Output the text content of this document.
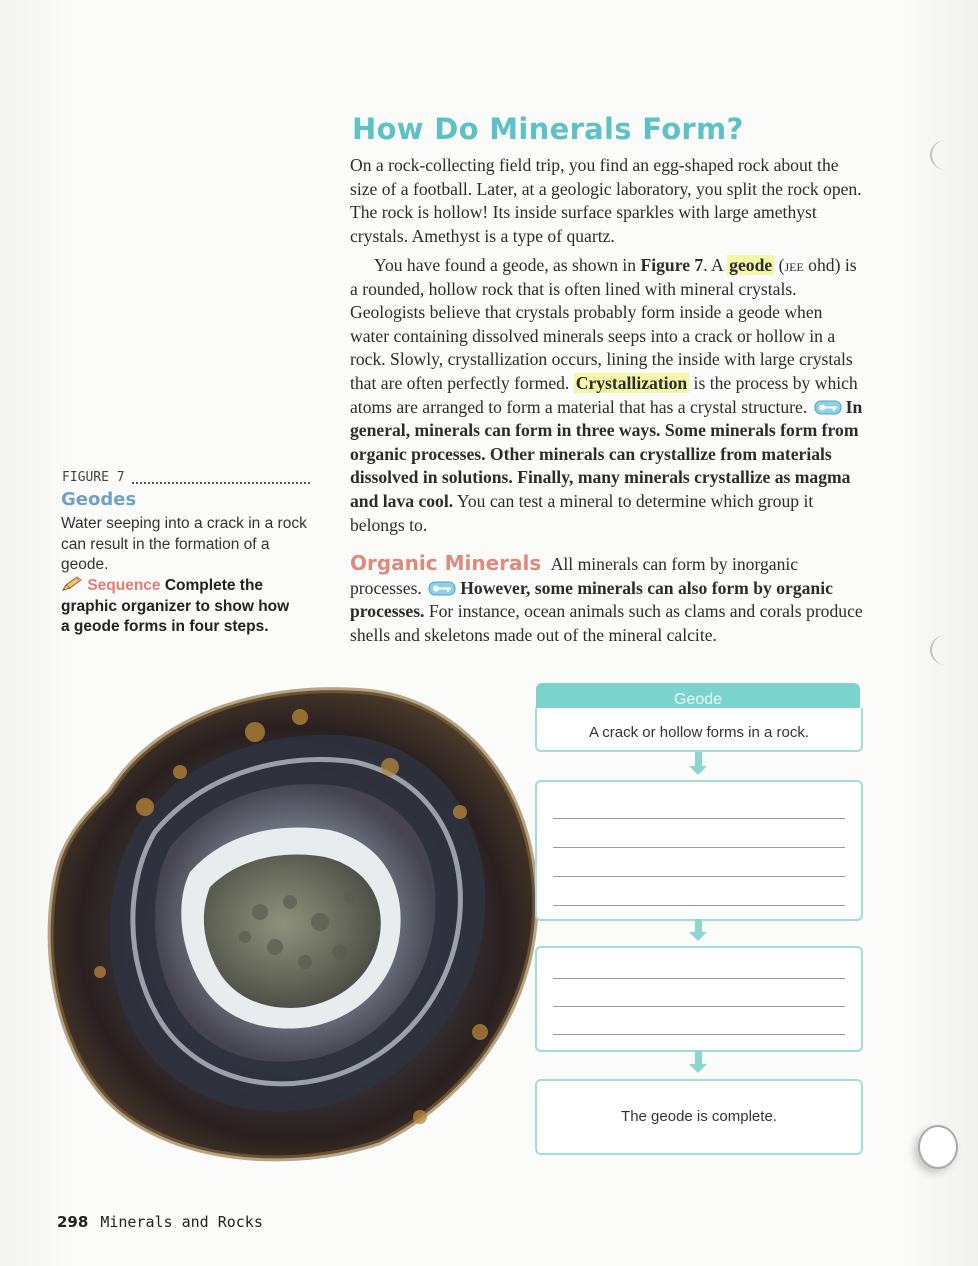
How Do Minerals Form?
On a rock-collecting field trip, you find an egg-shaped rock about the size of a football. Later, at a geologic laboratory, you split the rock open. The rock is hollow! Its inside surface sparkles with large amethyst crystals. Amethyst is a type of quartz.
You have found a geode, as shown in Figure 7. A geode (jee ohd) is a rounded, hollow rock that is often lined with mineral crystals. Geologists believe that crystals probably form inside a geode when water containing dissolved minerals seeps into a crack or hollow in a rock. Slowly, crystallization occurs, lining the inside with large crystals that are often perfectly formed. Crystallization is the process by which atoms are arranged to form a material that has a crystal structure. In general, minerals can form in three ways. Some minerals form from organic processes. Other minerals can crystallize from materials dissolved in solutions. Finally, many minerals crystallize as magma and lava cool. You can test a mineral to determine which group it belongs to.
Organic Minerals All minerals can form by inorganic processes. However, some minerals can also form by organic processes. For instance, ocean animals such as clams and corals produce shells and skeletons made out of the mineral calcite.
FIGURE 7
Geodes
Water seeping into a crack in a rock can result in the formation of a geode.
Sequence Complete the graphic organizer to show how a geode forms in four steps.
Geode
A crack or hollow forms in a rock.
The geode is complete.
298 Minerals and Rocks
